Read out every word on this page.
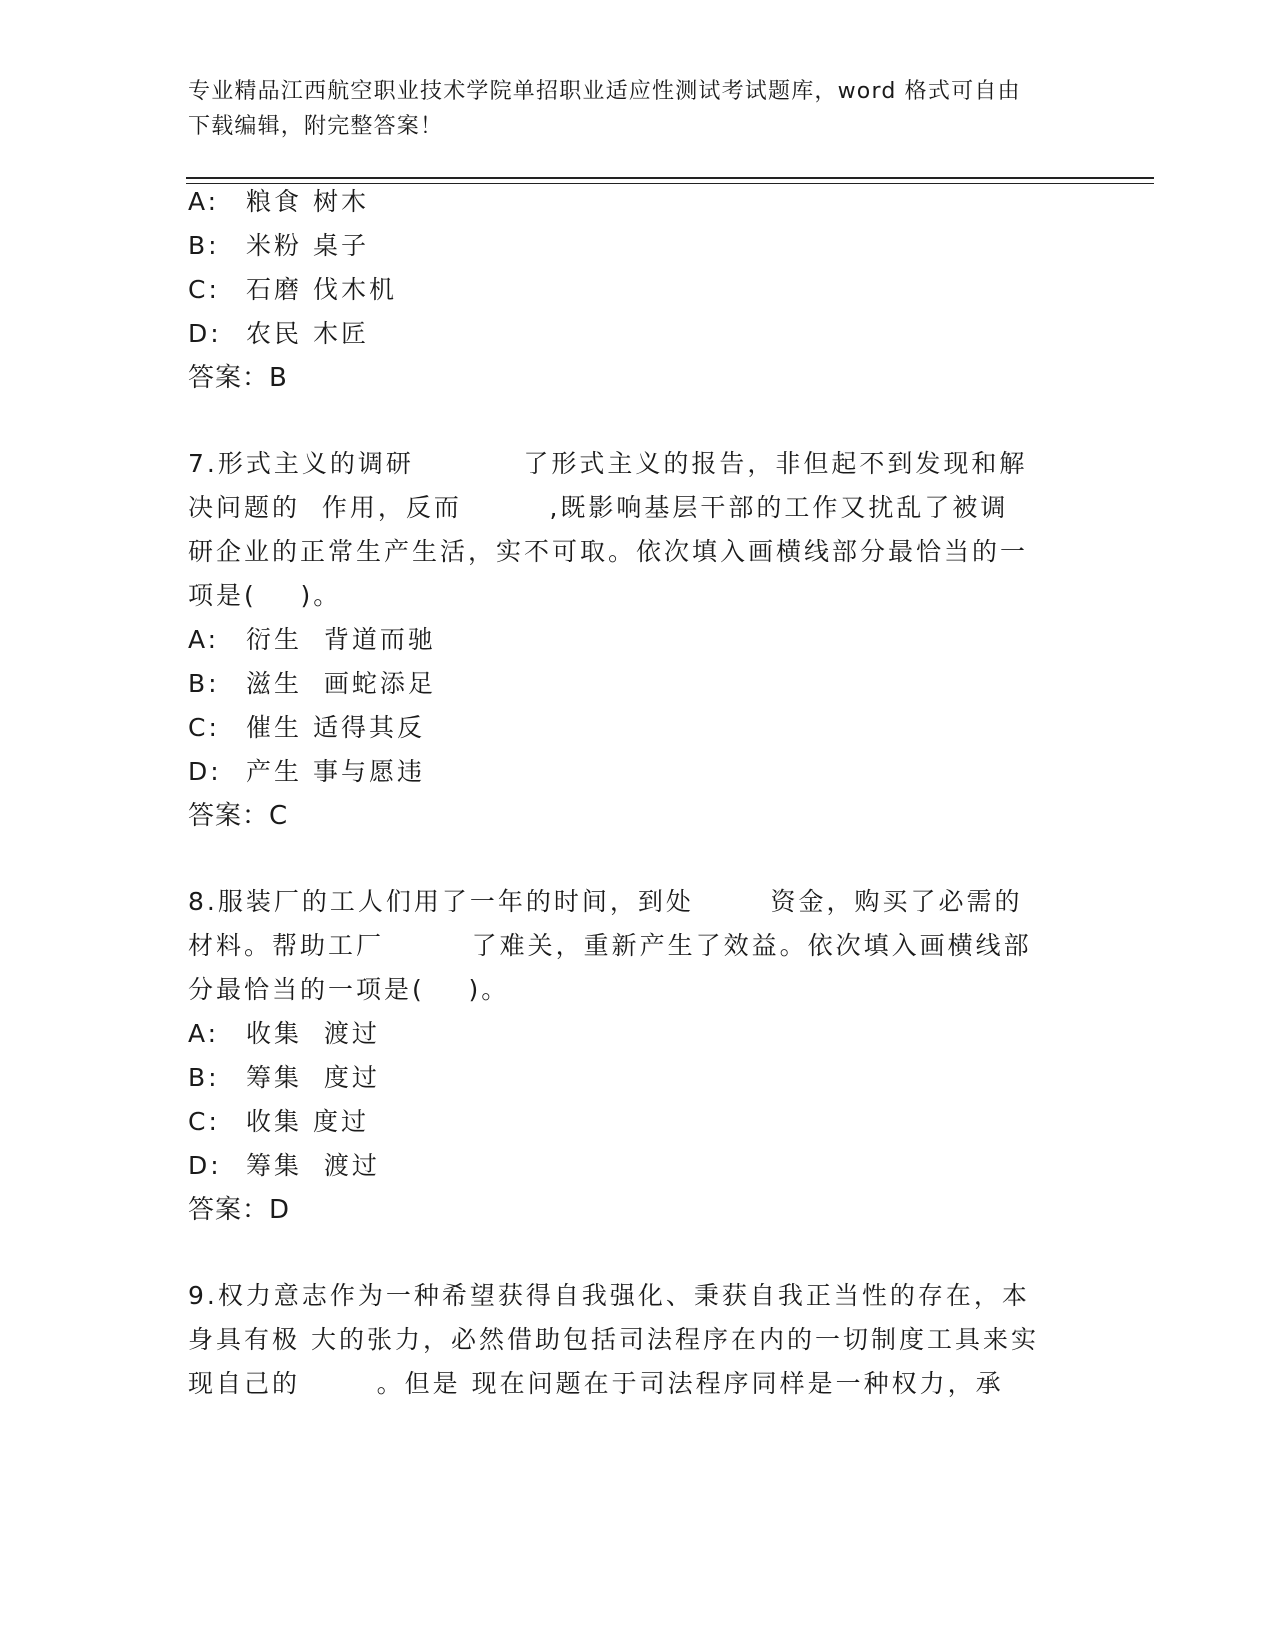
专业精品江西航空职业技术学院单招职业适应性测试考试题库，word 格式可自由
下载编辑，附完整答案！
A: 粮食 树木
B: 米粉 桌子
C: 石磨 伐木机
D: 农民 木匠
答案：B
7.形式主义的调研          了形式主义的报告，非但起不到发现和解
决问题的  作用，反而        ,既影响基层干部的工作又扰乱了被调
研企业的正常生产生活，实不可取。依次填入画横线部分最恰当的一
项是(    )。
A: 衍生  背道而驰
B: 滋生  画蛇添足
C: 催生 适得其反
D: 产生 事与愿违
答案：C
8.服装厂的工人们用了一年的时间，到处       资金，购买了必需的
材料。帮助工厂        了难关，重新产生了效益。依次填入画横线部
分最恰当的一项是(    )。
A: 收集  渡过
B: 筹集  度过
C: 收集 度过
D: 筹集  渡过
答案：D
9.权力意志作为一种希望获得自我强化、秉获自我正当性的存在，本
身具有极 大的张力，必然借助包括司法程序在内的一切制度工具来实
现自己的       。但是 现在问题在于司法程序同样是一种权力，承
